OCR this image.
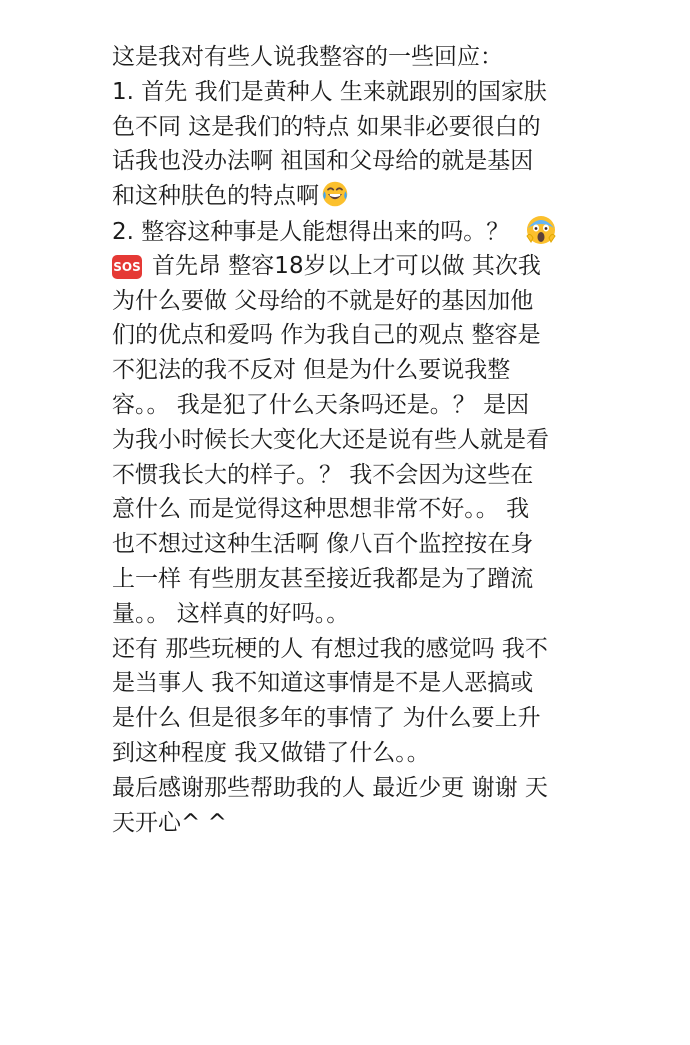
这是我对有些人说我整容的一些回应：
1. 首先 我们是黄种人 生来就跟别的国家肤
色不同 这是我们的特点 如果非必要很白的
话我也没办法啊 祖国和父母给的就是基因
和这种肤色的特点啊
2. 整容这种事是人能想得出来的吗。？
SOS 首先昂 整容18岁以上才可以做 其次我
为什么要做 父母给的不就是好的基因加他
们的优点和爱吗 作为我自己的观点 整容是
不犯法的我不反对 但是为什么要说我整
容。。 我是犯了什么天条吗还是。？ 是因
为我小时候长大变化大还是说有些人就是看
不惯我长大的样子。？ 我不会因为这些在
意什么 而是觉得这种思想非常不好。。 我
也不想过这种生活啊 像八百个监控按在身
上一样 有些朋友甚至接近我都是为了蹭流
量。。 这样真的好吗。。
还有 那些玩梗的人 有想过我的感觉吗 我不
是当事人 我不知道这事情是不是人恶搞或
是什么 但是很多年的事情了 为什么要上升
到这种程度 我又做错了什么。。
最后感谢那些帮助我的人 最近少更 谢谢 天
天开心^ ^
